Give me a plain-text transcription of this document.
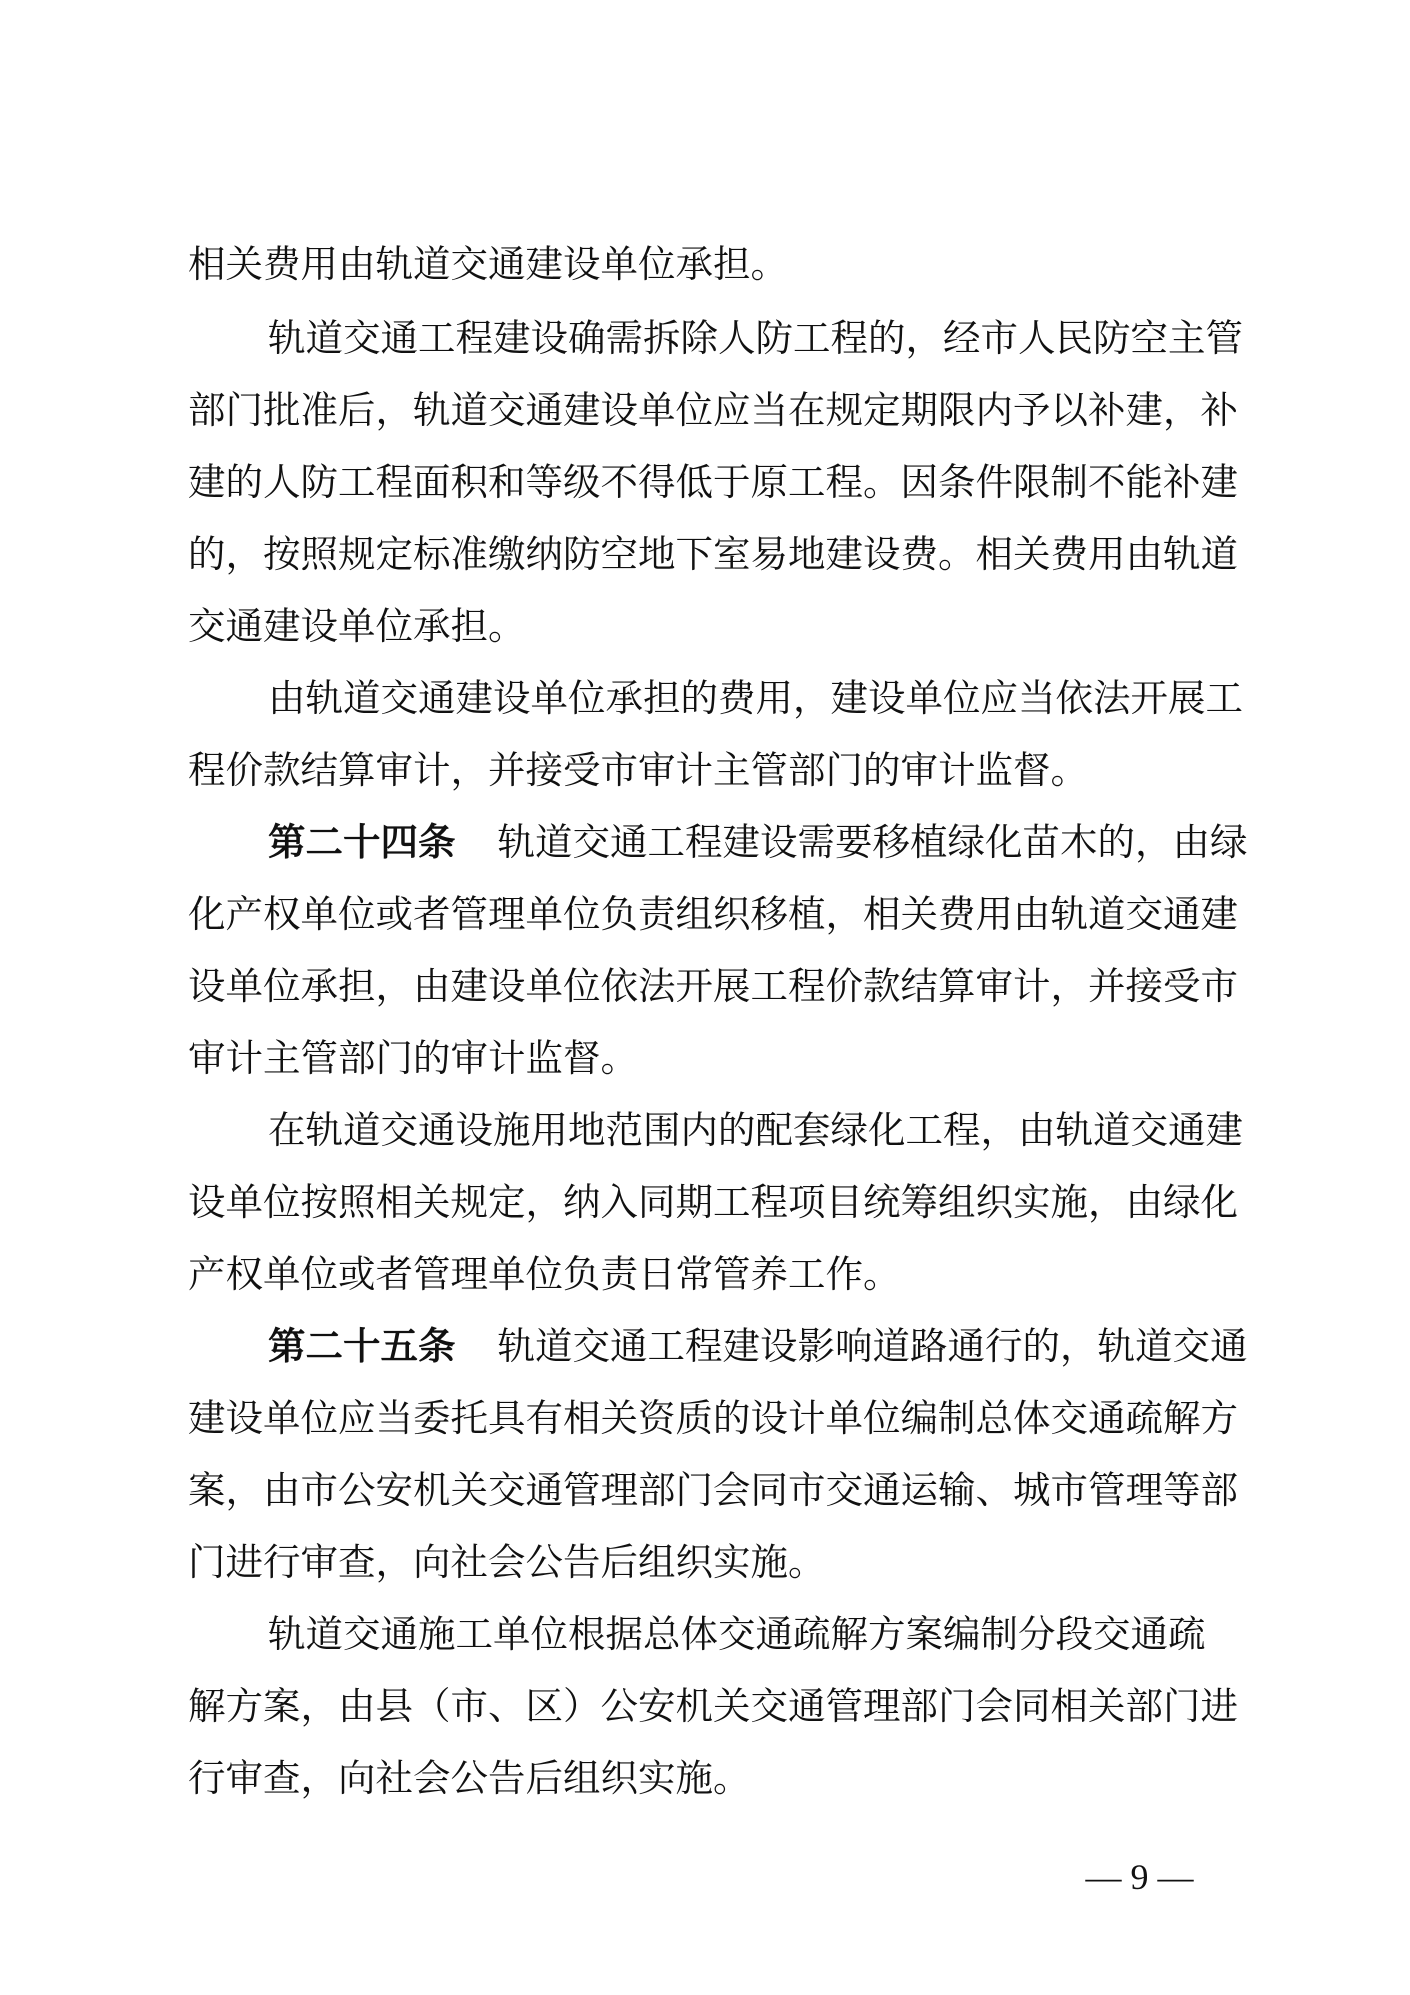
相关费用由轨道交通建设单位承担。
轨道交通工程建设确需拆除人防工程的，经市人民防空主管
部门批准后，轨道交通建设单位应当在规定期限内予以补建，补
建的人防工程面积和等级不得低于原工程。因条件限制不能补建
的，按照规定标准缴纳防空地下室易地建设费。相关费用由轨道
交通建设单位承担。
由轨道交通建设单位承担的费用，建设单位应当依法开展工
程价款结算审计，并接受市审计主管部门的审计监督。
第二十四条 轨道交通工程建设需要移植绿化苗木的，由绿
化产权单位或者管理单位负责组织移植，相关费用由轨道交通建
设单位承担，由建设单位依法开展工程价款结算审计，并接受市
审计主管部门的审计监督。
在轨道交通设施用地范围内的配套绿化工程，由轨道交通建
设单位按照相关规定，纳入同期工程项目统筹组织实施，由绿化
产权单位或者管理单位负责日常管养工作。
第二十五条 轨道交通工程建设影响道路通行的，轨道交通
建设单位应当委托具有相关资质的设计单位编制总体交通疏解方
案，由市公安机关交通管理部门会同市交通运输、城市管理等部
门进行审查，向社会公告后组织实施。
轨道交通施工单位根据总体交通疏解方案编制分段交通疏
解方案，由县（市、区）公安机关交通管理部门会同相关部门进
行审查，向社会公告后组织实施。
— 9 —
